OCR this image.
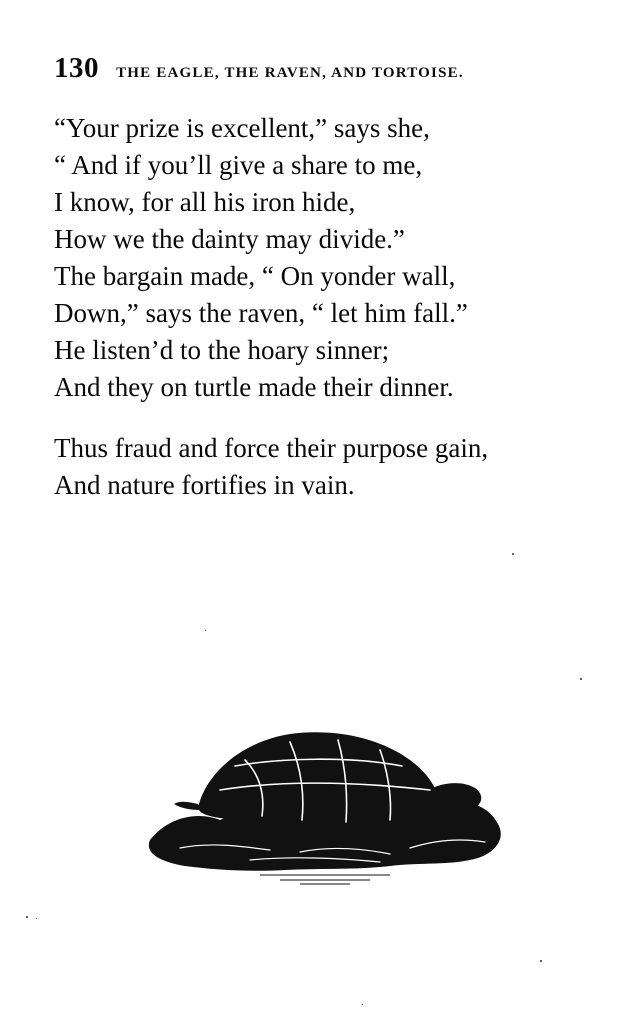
130 THE EAGLE, THE RAVEN, AND TORTOISE.
“Your prize is excellent,” says she,
“ And if you’ll give a share to me,
I know, for all his iron hide,
How we the dainty may divide.”
The bargain made, “ On yonder wall,
Down,” says the raven, “ let him fall.”
He listen’d to the hoary sinner;
And they on turtle made their dinner.
Thus fraud and force their purpose gain,
And nature fortifies in vain.
